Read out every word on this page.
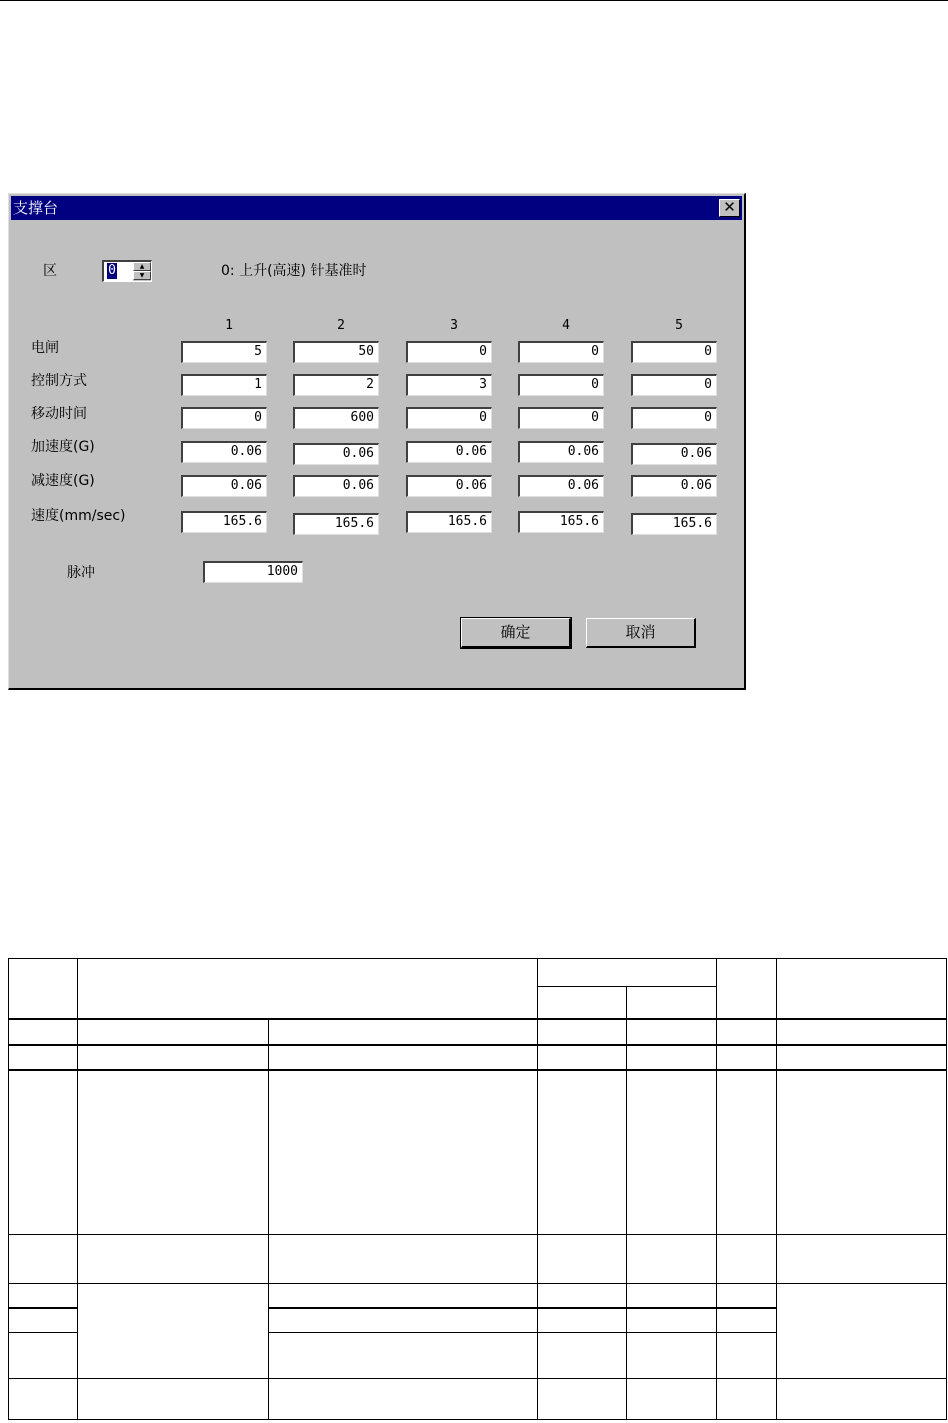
支撑台	✕
区	0	▲
▼	0: 上升(高速) 针基准时
1	2	3	4	5
电闸	5	50	0	0	0
控制方式	1	2	3	0	0
移动时间	0	600	0	0	0
加速度(G)	0.06	0.06	0.06	0.06	0.06
减速度(G)	0.06	0.06	0.06	0.06	0.06
速度(mm/sec)	165.6	165.6	165.6	165.6	165.6
脉冲	1000
确定	取消
